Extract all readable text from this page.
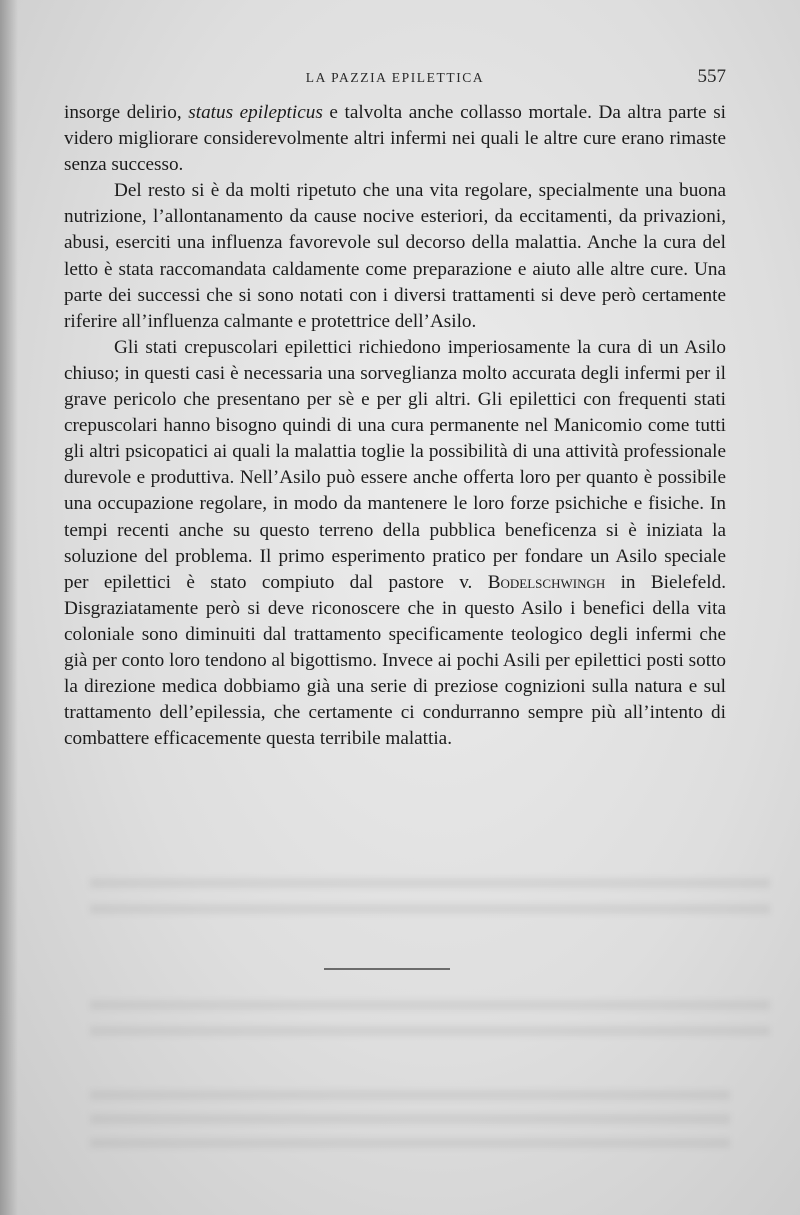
LA PAZZIA EPILETTICA	557

insorge delirio, status epilepticus e talvolta anche collasso mortale. Da altra parte si videro migliorare considerevolmente altri infermi nei quali le altre cure erano rimaste senza successo.

Del resto si è da molti ripetuto che una vita regolare, specialmente una buona nutrizione, l’allontanamento da cause nocive esteriori, da eccitamenti, da privazioni, abusi, eserciti una influenza favorevole sul decorso della malattia. Anche la cura del letto è stata raccomandata caldamente come preparazione e aiuto alle altre cure. Una parte dei successi che si sono notati con i diversi trattamenti si deve però certamente riferire all’influenza calmante e protettrice dell’Asilo.

Gli stati crepuscolari epilettici richiedono imperiosamente la cura di un Asilo chiuso; in questi casi è necessaria una sorveglianza molto accurata degli infermi per il grave pericolo che presentano per sè e per gli altri. Gli epilettici con frequenti stati crepuscolari hanno bisogno quindi di una cura permanente nel Manicomio come tutti gli altri psicopatici ai quali la malattia toglie la possibilità di una attività professionale durevole e produttiva. Nell’Asilo può essere anche offerta loro per quanto è possibile una occupazione regolare, in modo da mantenere le loro forze psichiche e fisiche. In tempi recenti anche su questo terreno della pubblica beneficenza si è iniziata la soluzione del problema. Il primo esperimento pratico per fondare un Asilo speciale per epilettici è stato compiuto dal pastore v. Bodelschwingh in Bielefeld. Disgraziatamente però si deve riconoscere che in questo Asilo i benefici della vita coloniale sono diminuiti dal trattamento specificamente teologico degli infermi che già per conto loro tendono al bigottismo. Invece ai pochi Asili per epilettici posti sotto la direzione medica dobbiamo già una serie di preziose cognizioni sulla natura e sul trattamento dell’epilessia, che certamente ci condurranno sempre più all’intento di combattere efficacemente questa terribile malattia.
